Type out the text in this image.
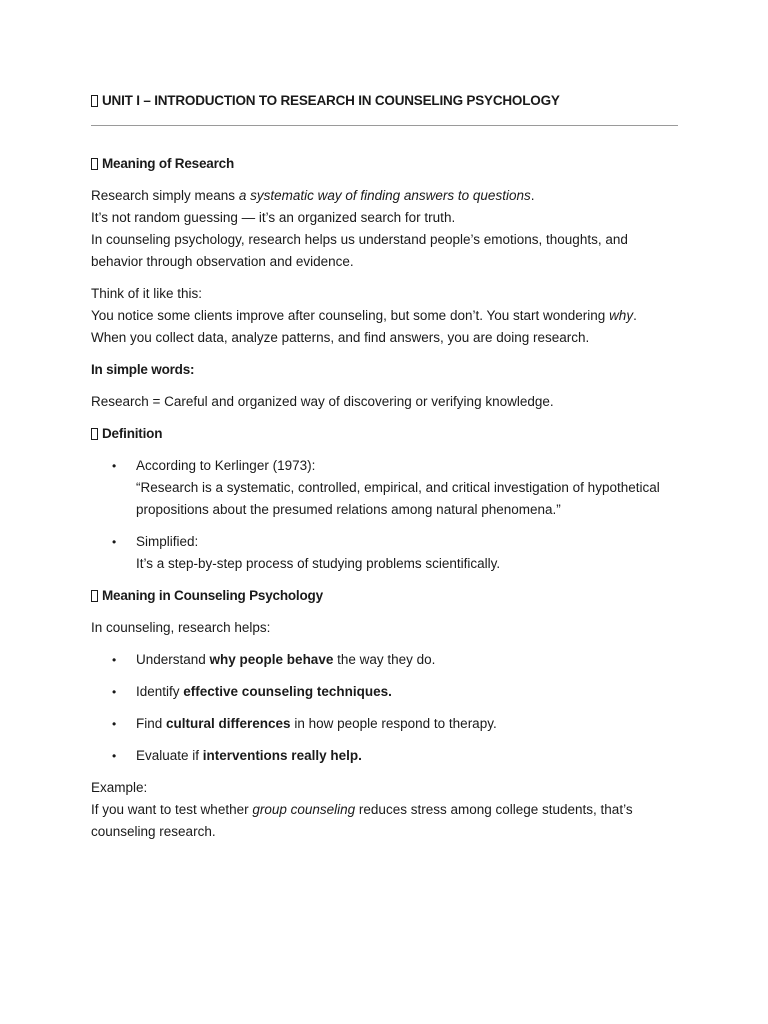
UNIT I – INTRODUCTION TO RESEARCH IN COUNSELING PSYCHOLOGY
Meaning of Research

Research simply means a systematic way of finding answers to questions.
It’s not random guessing — it’s an organized search for truth.
In counseling psychology, research helps us understand people’s emotions, thoughts, and behavior through observation and evidence.

Think of it like this:
You notice some clients improve after counseling, but some don’t. You start wondering why.
When you collect data, analyze patterns, and find answers, you are doing research.

In simple words:

Research = Careful and organized way of discovering or verifying knowledge.

Definition
• According to Kerlinger (1973):
“Research is a systematic, controlled, empirical, and critical investigation of hypothetical propositions about the presumed relations among natural phenomena.”
• Simplified:
It’s a step-by-step process of studying problems scientifically.
Meaning in Counseling Psychology

In counseling, research helps:

• Understand why people behave the way they do.
• Identify effective counseling techniques.
• Find cultural differences in how people respond to therapy.
• Evaluate if interventions really help.

Example:
If you want to test whether group counseling reduces stress among college students, that’s counseling research.
